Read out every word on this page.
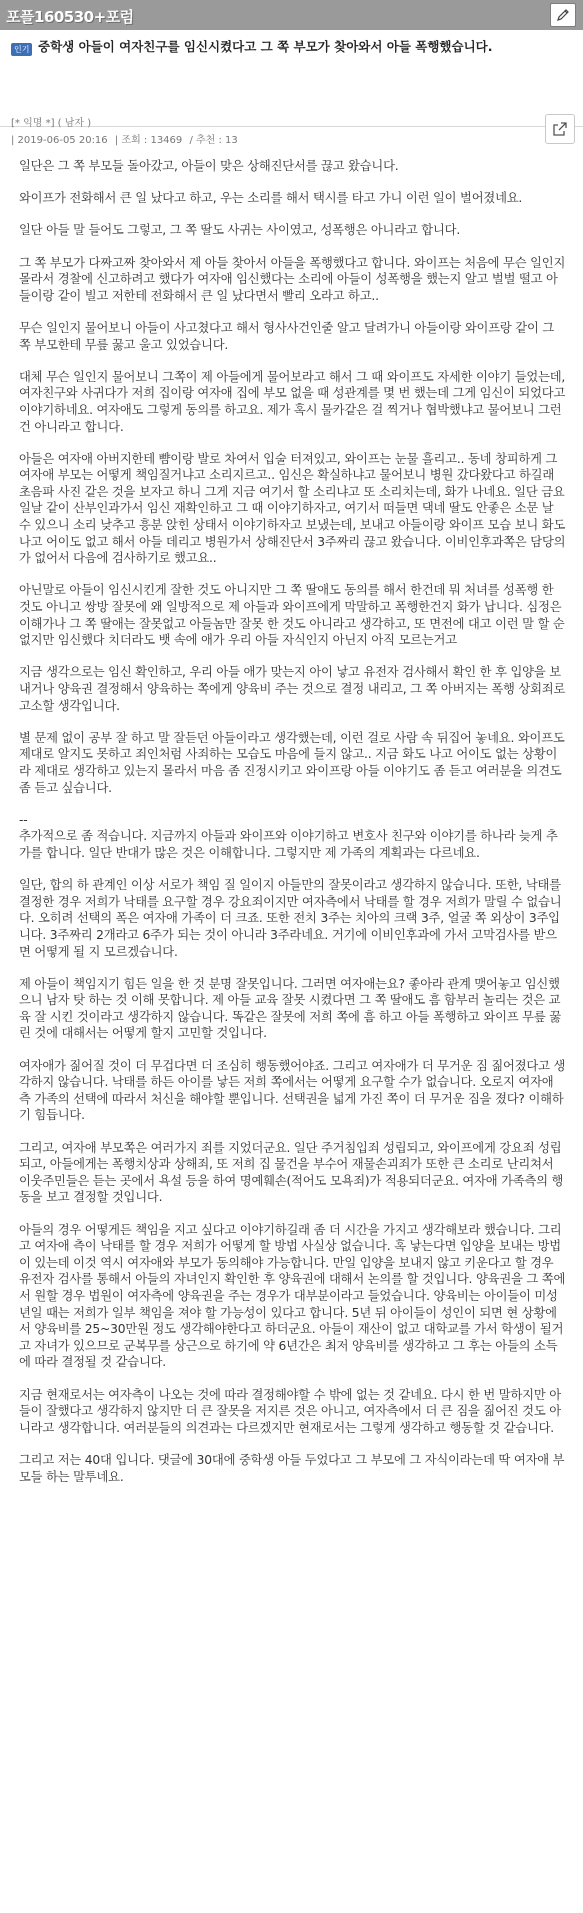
포플160530+포럼
인기 중학생 아들이 여자친구를 임신시켰다고 그 쪽 부모가 찾아와서 아들 폭행했습니다.
[* 익명 *] ( 남자 )
| 2019-06-05 20:16 | 조회 : 13469 / 추천 : 13

일단은 그 쪽 부모들 돌아갔고, 아들이 맞은 상해진단서를 끊고 왔습니다.

와이프가 전화해서 큰 일 났다고 하고, 우는 소리를 해서 택시를 타고 가니 이런 일이 벌어졌네요.

일단 아들 말 들어도 그렇고, 그 쪽 딸도 사귀는 사이였고, 성폭행은 아니라고 합니다.

그 쪽 부모가 다짜고짜 찾아와서 제 아들 찾아서 아들을 폭행했다고 합니다. 와이프는 처음에 무슨 일인지 몰라서 경찰에 신고하려고 했다가 여자애 임신했다는 소리에 아들이 성폭행을 했는지 알고 벌벌 떨고 아들이랑 같이 빌고 저한테 전화해서 큰 일 났다면서 빨리 오라고 하고..

무슨 일인지 물어보니 아들이 사고쳤다고 해서 형사사건인줄 알고 달려가니 아들이랑 와이프랑 같이 그 쪽 부모한테 무릎 꿇고 울고 있었습니다.

대체 무슨 일인지 물어보니 그쪽이 제 아들에게 물어보라고 해서 그 때 와이프도 자세한 이야기 들었는데, 여자친구와 사귀다가 저희 집이랑 여자애 집에 부모 없을 때 성관계를 몇 번 했는데 그게 임신이 되었다고 이야기하네요. 여자애도 그렇게 동의를 하고요. 제가 혹시 물카같은 걸 찍거나 협박했냐고 물어보니 그런건 아니라고 합니다.

아들은 여자애 아버지한테 뺨이랑 발로 차여서 입술 터져있고, 와이프는 눈물 흘리고.. 동네 창피하게 그 여자애 부모는 어떻게 책임질거냐고 소리지르고.. 임신은 확실하냐고 물어보니 병원 갔다왔다고 하길래 초음파 사진 같은 것을 보자고 하니 그게 지금 여기서 할 소리냐고 또 소리치는데, 화가 나네요. 일단 금요일날 같이 산부인과가서 임신 재확인하고 그 때 이야기하자고, 여기서 떠들면 댁네 딸도 안좋은 소문 날 수 있으니 소리 낮추고 흥분 앉힌 상태서 이야기하자고 보냈는데, 보내고 아들이랑 와이프 모습 보니 화도 나고 어이도 없고 해서 아들 데리고 병원가서 상해진단서 3주짜리 끊고 왔습니다. 이비인후과쪽은 담당의가 없어서 다음에 검사하기로 했고요..

아닌말로 아들이 임신시킨게 잘한 것도 아니지만 그 쪽 딸애도 동의를 해서 한건데 뭐 처녀를 성폭행 한 것도 아니고 쌍방 잘못에 왜 일방적으로 제 아들과 와이프에게 막말하고 폭행한건지 화가 납니다. 심정은 이해가나 그 쪽 딸애는 잘못없고 아들놈만 잘못 한 것도 아니라고 생각하고, 또 면전에 대고 이런 말 할 순 없지만 임신했다 치더라도 뱃 속에 애가 우리 아들 자식인지 아닌지 아직 모르는거고

지금 생각으로는 임신 확인하고, 우리 아들 애가 맞는지 아이 낳고 유전자 검사해서 확인 한 후 입양을 보내거나 양육권 결정해서 양육하는 쪽에게 양육비 주는 것으로 결정 내리고, 그 쪽 아버지는 폭행 상회죄로 고소할 생각입니다.

별 문제 없이 공부 잘 하고 말 잘듣던 아들이라고 생각했는데, 이런 걸로 사람 속 뒤집어 놓네요. 와이프도 제대로 알지도 못하고 죄인처럼 사죄하는 모습도 마음에 들지 않고.. 지금 화도 나고 어이도 없는 상황이라 제대로 생각하고 있는지 몰라서 마음 좀 진정시키고 와이프랑 아들 이야기도 좀 듣고 여러분을 의견도 좀 듣고 싶습니다.

--

추가적으로 좀 적습니다. 지금까지 아들과 와이프와 이야기하고 변호사 친구와 이야기를 하나라 늦게 추가를 합니다. 일단 반대가 많은 것은 이해합니다. 그렇지만 제 가족의 계획과는 다르네요.

일단, 합의 하 관계인 이상 서로가 책임 질 일이지 아들만의 잘못이라고 생각하지 않습니다. 또한, 낙태를 결정한 경우 저희가 낙태를 요구할 경우 강요죄이지만 여자측에서 낙태를 할 경우 저희가 말릴 수 없습니다. 오히려 선택의 폭은 여자애 가족이 더 크죠. 또한 전치 3주는 치아의 크랙 3주, 얼굴 쪽 외상이 3주입니다. 3주짜리 2개라고 6주가 되는 것이 아니라 3주라네요. 거기에 이비인후과에 가서 고막검사를 받으면 어떻게 될 지 모르겠습니다.

제 아들이 책임지기 힘든 일을 한 것 분명 잘못입니다. 그러면 여자애는요? 좋아라 관계 맺어놓고 임신했으니 남자 탓 하는 것 이해 못합니다. 제 아들 교육 잘못 시켰다면 그 쪽 딸애도 흠 함부러 놀리는 것은 교육 잘 시킨 것이라고 생각하지 않습니다. 똑같은 잘못에 저희 쪽에 흠 하고 아들 폭행하고 와이프 무릎 꿇린 것에 대해서는 어떻게 할지 고민할 것입니다.

여자애가 짊어질 것이 더 무겁다면 더 조심히 행동했어야죠. 그리고 여자애가 더 무거운 짐 짊어졌다고 생각하지 않습니다. 낙태를 하든 아이를 낳든 저희 쪽에서는 어떻게 요구할 수가 없습니다. 오로지 여자애 측 가족의 선택에 따라서 처신을 해야할 뿐입니다. 선택권을 넓게 가진 쪽이 더 무거운 짐을 졌다? 이해하기 힘듭니다.

그리고, 여자애 부모쪽은 여러가지 죄를 지었더군요. 일단 주거침입죄 성립되고, 와이프에게 강요죄 성립되고, 아들에게는 폭행치상과 상해죄, 또 저희 집 물건을 부수어 재물손괴죄가 또한 큰 소리로 난리쳐서 이웃주민들은 듣는 곳에서 욕설 등을 하여 명예훼손(적어도 모욕죄)가 적용되더군요. 여자애 가족측의 행동을 보고 결정할 것입니다.

아들의 경우 어떻게든 책임을 지고 싶다고 이야기하길래 좀 더 시간을 가지고 생각해보라 했습니다. 그리고 여자애 측이 낙태를 할 경우 저희가 어떻게 할 방법 사실상 없습니다. 혹 낳는다면 입양을 보내는 방법이 있는데 이것 역시 여자애와 부모가 동의해야 가능합니다. 만일 입양을 보내지 않고 키운다고 할 경우 유전자 검사를 통해서 아들의 자녀인지 확인한 후 양육권에 대해서 논의를 할 것입니다. 양육권을 그 쪽에서 원할 경우 법원이 여자측에 양육권을 주는 경우가 대부분이라고 들었습니다. 양육비는 아이들이 미성년일 때는 저희가 일부 책임을 져야 할 가능성이 있다고 합니다. 5년 뒤 아이들이 성인이 되면 현 상황에서 양육비를 25~30만원 정도 생각해야한다고 하더군요. 아들이 재산이 없고 대학교를 가서 학생이 될거고 자녀가 있으므로 군복무를 상근으로 하기에 약 6년간은 최저 양육비를 생각하고 그 후는 아들의 소득에 따라 결정될 것 같습니다.

지금 현재로서는 여자측이 나오는 것에 따라 결정해야할 수 밖에 없는 것 같네요. 다시 한 번 말하지만 아들이 잘했다고 생각하지 않지만 더 큰 잘못을 저지른 것은 아니고, 여자측에서 더 큰 짐을 짊어진 것도 아니라고 생각합니다. 여러분들의 의견과는 다르겠지만 현재로서는 그렇게 생각하고 행동할 것 같습니다.

그리고 저는 40대 입니다. 댓글에 30대에 중학생 아들 두었다고 그 부모에 그 자식이라는데 딱 여자애 부모들 하는 말투네요.
